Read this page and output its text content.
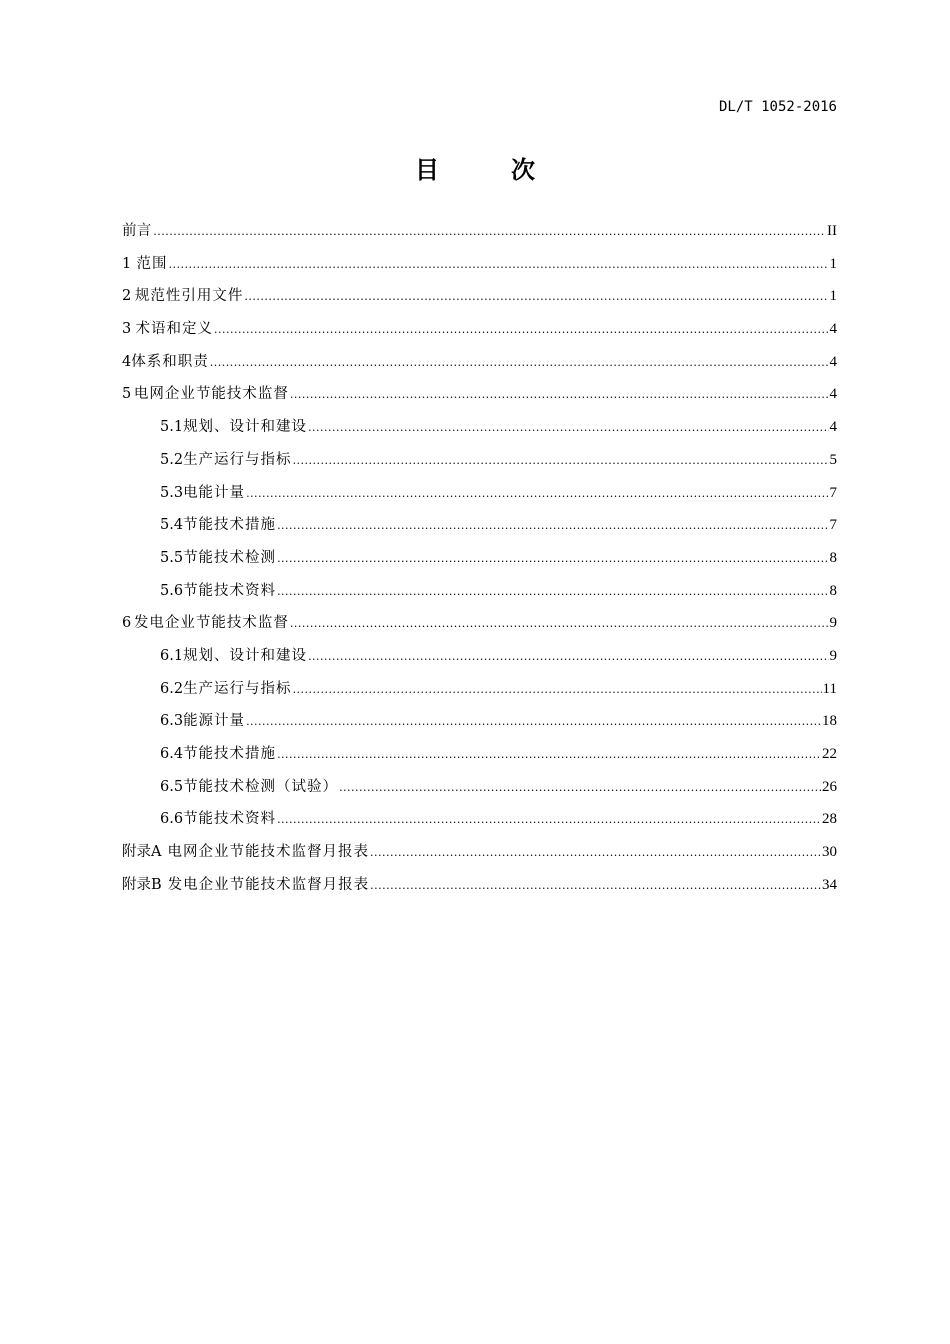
DL/T 1052-2016
目	次
前 言 .....	II
1 范围 .....	1
2 规范性引用文件 .....	1
3 术语和定义 .....	4
4 体系和职责 .....	4
5 电网企业节能技术监督 .....	4
5.1 规划、设计和建设 .....	4
5.2 生产运行与指标 .....	5
5.3 电能计量 .....	7
5.4 节能技术措施 .....	7
5.5 节能技术检测 .....	8
5.6 节能技术资料 .....	8
6 发电企业节能技术监督 .....	9
6.1 规划、设计和建设 .....	9
6.2 生产运行与指标 .....	11
6.3 能源计量 .....	18
6.4 节能技术措施 .....	22
6.5 节能技术检测（试验） .....	26
6.6 节能技术资料 .....	28
附录A 电网企业节能技术监督月报表 .....	30
附录B 发电企业节能技术监督月报表 .....	34
